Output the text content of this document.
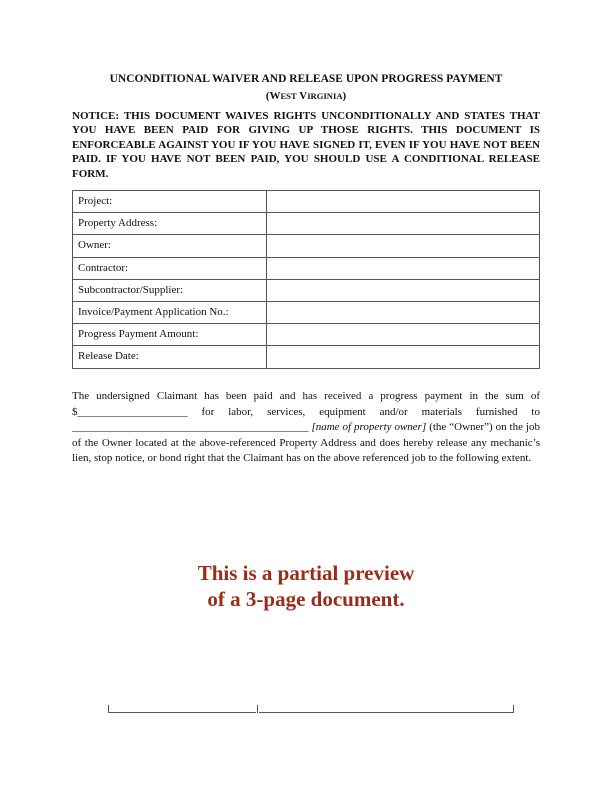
UNCONDITIONAL WAIVER AND RELEASE UPON PROGRESS PAYMENT
(WEST VIRGINIA)
NOTICE: THIS DOCUMENT WAIVES RIGHTS UNCONDITIONALLY AND STATES THAT YOU HAVE BEEN PAID FOR GIVING UP THOSE RIGHTS. THIS DOCUMENT IS ENFORCEABLE AGAINST YOU IF YOU HAVE SIGNED IT, EVEN IF YOU HAVE NOT BEEN PAID. IF YOU HAVE NOT BEEN PAID, YOU SHOULD USE A CONDITIONAL RELEASE FORM.
Project:	
Property Address:	
Owner:	
Contractor:	
Subcontractor/Supplier:	
Invoice/Payment Application No.:	
Progress Payment Amount:	
Release Date:	
The undersigned Claimant has been paid and has received a progress payment in the sum of $____________________ for labor, services, equipment and/or materials furnished to ___________________________________________ [name of property owner] (the “Owner”) on the job of the Owner located at the above-referenced Property Address and does hereby release any mechanic’s lien, stop notice, or bond right that the Claimant has on the above referenced job to the following extent.
This is a partial preview
of a 3-page document.
